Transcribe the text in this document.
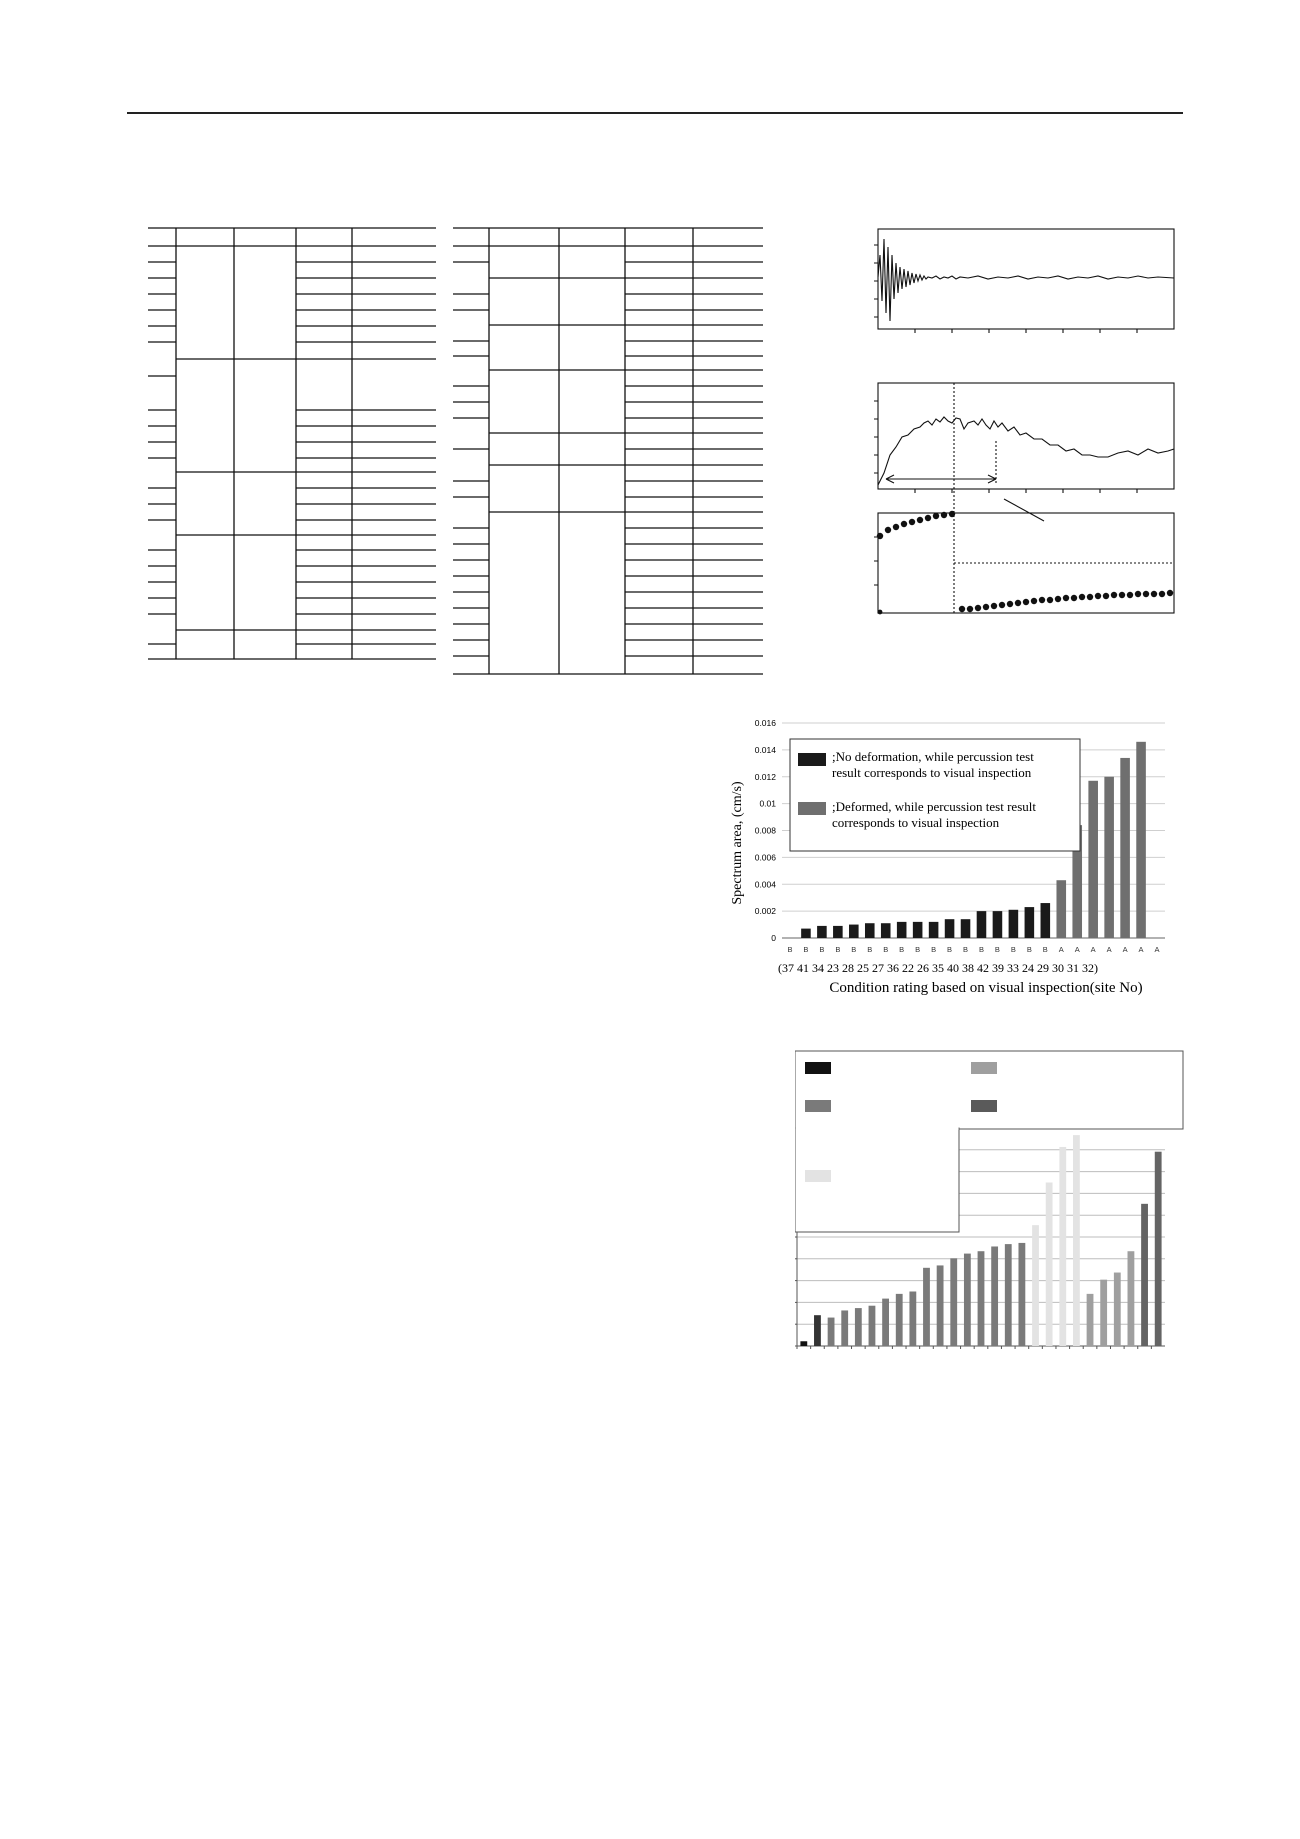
0
0.002
0.004
0.006
0.008
0.01
0.012
0.014
0.016
B B B B B B B B B B B B B B B B B A A A A A A A
(37 41 34 23 28 25 27 36 22 26 35 40 38 42 39 33 24 29 30 31 32)
Condition rating based on visual inspection(site No)
Spectrum area, (cm/s)
;No deformation, while percussion test result corresponds to visual inspection
;Deformed, while percussion test result corresponds to visual inspection
